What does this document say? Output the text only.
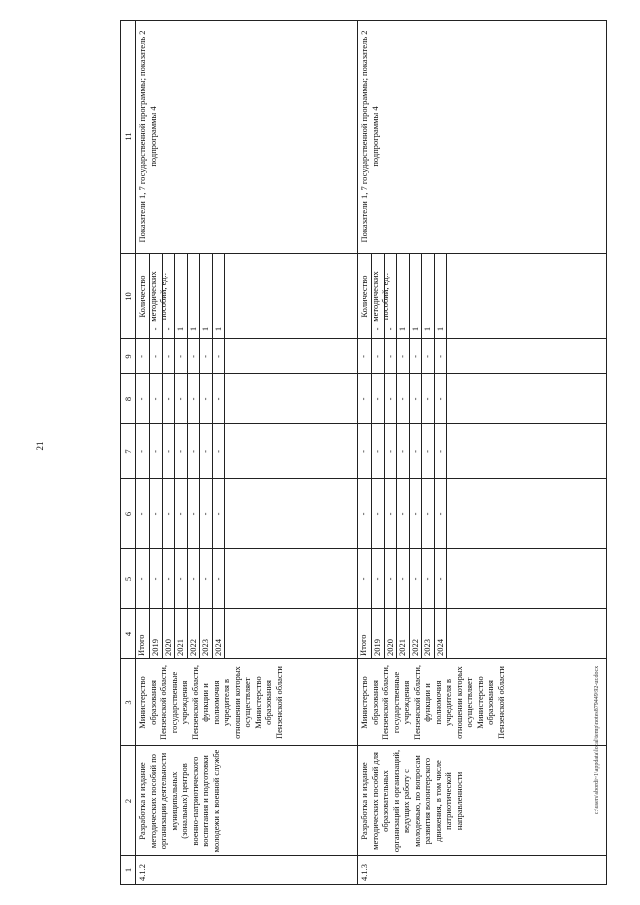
21
c:\users\sbordi~1\appdata\local\temp\notes879449\92-ur.docx
1
2
3
4
5
6
7
8
9
10
11
4.1.2
Разработка и издание методических пособий по организации деятельности муниципальных (зональных) центров военно-патриотического воспитания и подготовки молодежи к военной службе
Министерство образования Пензенской области, государственные учреждения Пензенской области, функции и полномочия учредителя в отношении которых осуществляет Министерство образования Пензенской области
Количество методических пособий, ед.:
Показатели 1, 7 государственной программы; показатель 2 подпрограммы 4
Итого
-
-
-
-
-
2019
-
-
-
-
-
-
2020
-
-
-
-
-
-
2021
-
-
-
-
-
1
2022
-
-
-
-
-
1
2023
-
-
-
-
-
1
2024
-
-
-
-
-
1
4.1.3
Разработка и издание методических пособий для образовательных организаций и организаций, ведущих работу с молодежью, по вопросам развития волонтерского движения, в том числе патриотической направленности
Министерство образования Пензенской области, государственные учреждения Пензенской области, функции и полномочия учредителя в отношении которых осуществляет Министерство образования Пензенской области
Количество методических пособий, ед.:
Показатели 1, 7 государственной программы; показатель 2 подпрограммы 4
Итого
-
-
-
-
-
2019
-
-
-
-
-
-
2020
-
-
-
-
-
-
2021
-
-
-
-
-
1
2022
-
-
-
-
-
1
2023
-
-
-
-
-
1
2024
-
-
-
-
-
1
